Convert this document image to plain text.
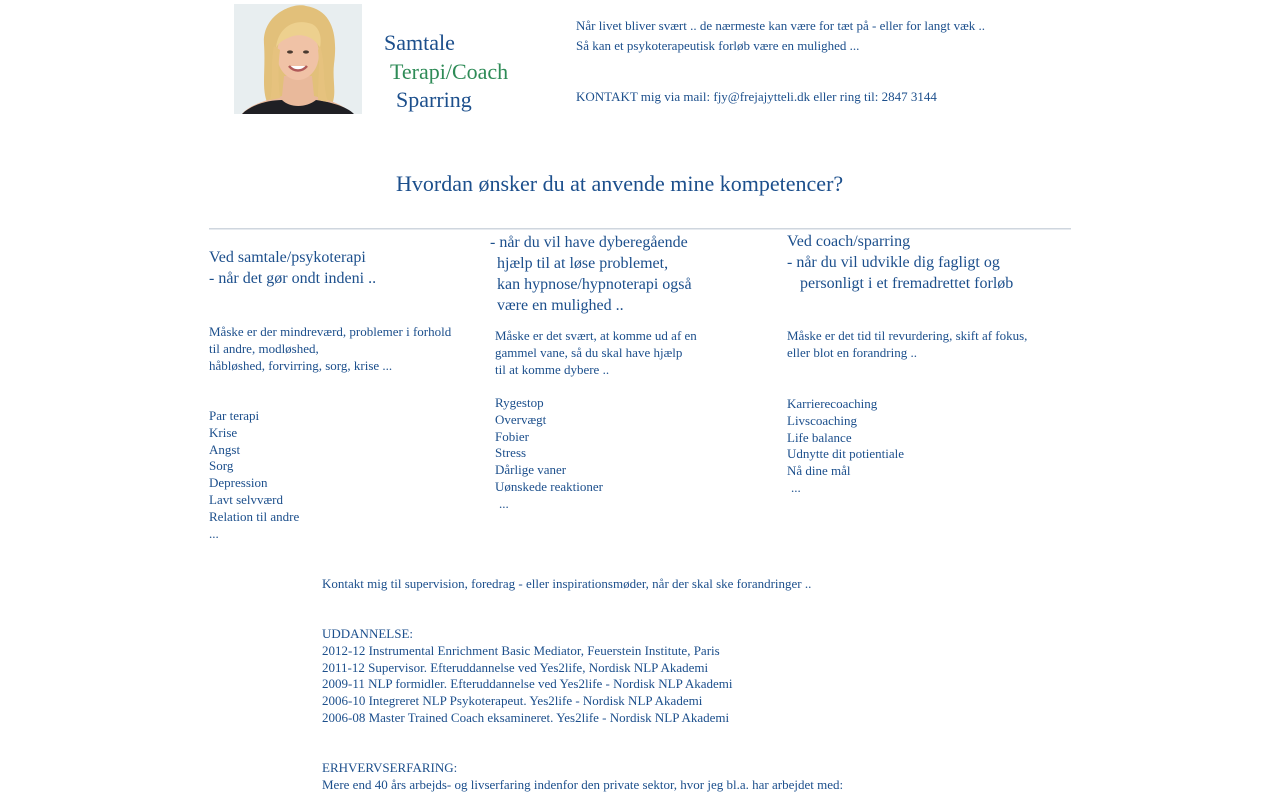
Samtale
Terapi/Coach
Sparring
Når livet bliver svært .. de nærmeste kan være for tæt på - eller for langt væk ..
Så kan et psykoterapeutisk forløb være en mulighed ...
KONTAKT mig via mail: fjy@frejajytteli.dk eller ring til: 2847 3144
Hvordan ønsker du at anvende mine kompetencer?
Ved samtale/psykoterapi
- når det gør ondt indeni ..
Måske er der mindreværd, problemer i forhold
til andre, modløshed,
håbløshed, forvirring, sorg, krise ...
Par terapi
Krise
Angst
Sorg
Depression
Lavt selvværd
Relation til andre
...
- når du vil have dyberegående
hjælp til at løse problemet,
kan hypnose/hypnoterapi også
være en mulighed ..
Måske er det svært, at komme ud af en
gammel vane, så du skal have hjælp
til at komme dybere ..
Rygestop
Overvægt
Fobier
Stress
Dårlige vaner
Uønskede reaktioner
...
Ved coach/sparring
- når du vil udvikle dig fagligt og
personligt i et fremadrettet forløb
Måske er det tid til revurdering, skift af fokus,
eller blot en forandring ..
Karrierecoaching
Livscoaching
Life balance
Udnytte dit potientiale
Nå dine mål
...
Kontakt mig til supervision, foredrag - eller inspirationsmøder, når der skal ske forandringer ..
UDDANNELSE:
2012-12 Instrumental Enrichment Basic Mediator, Feuerstein Institute, Paris
2011-12 Supervisor. Efteruddannelse ved Yes2life, Nordisk NLP Akademi
2009-11 NLP formidler. Efteruddannelse ved Yes2life - Nordisk NLP Akademi
2006-10 Integreret NLP Psykoterapeut. Yes2life - Nordisk NLP Akademi
2006-08 Master Trained Coach eksamineret. Yes2life - Nordisk NLP Akademi
ERHVERVSERFARING:
Mere end 40 års arbejds- og livserfaring indenfor den private sektor, hvor jeg bl.a. har arbejdet med:
